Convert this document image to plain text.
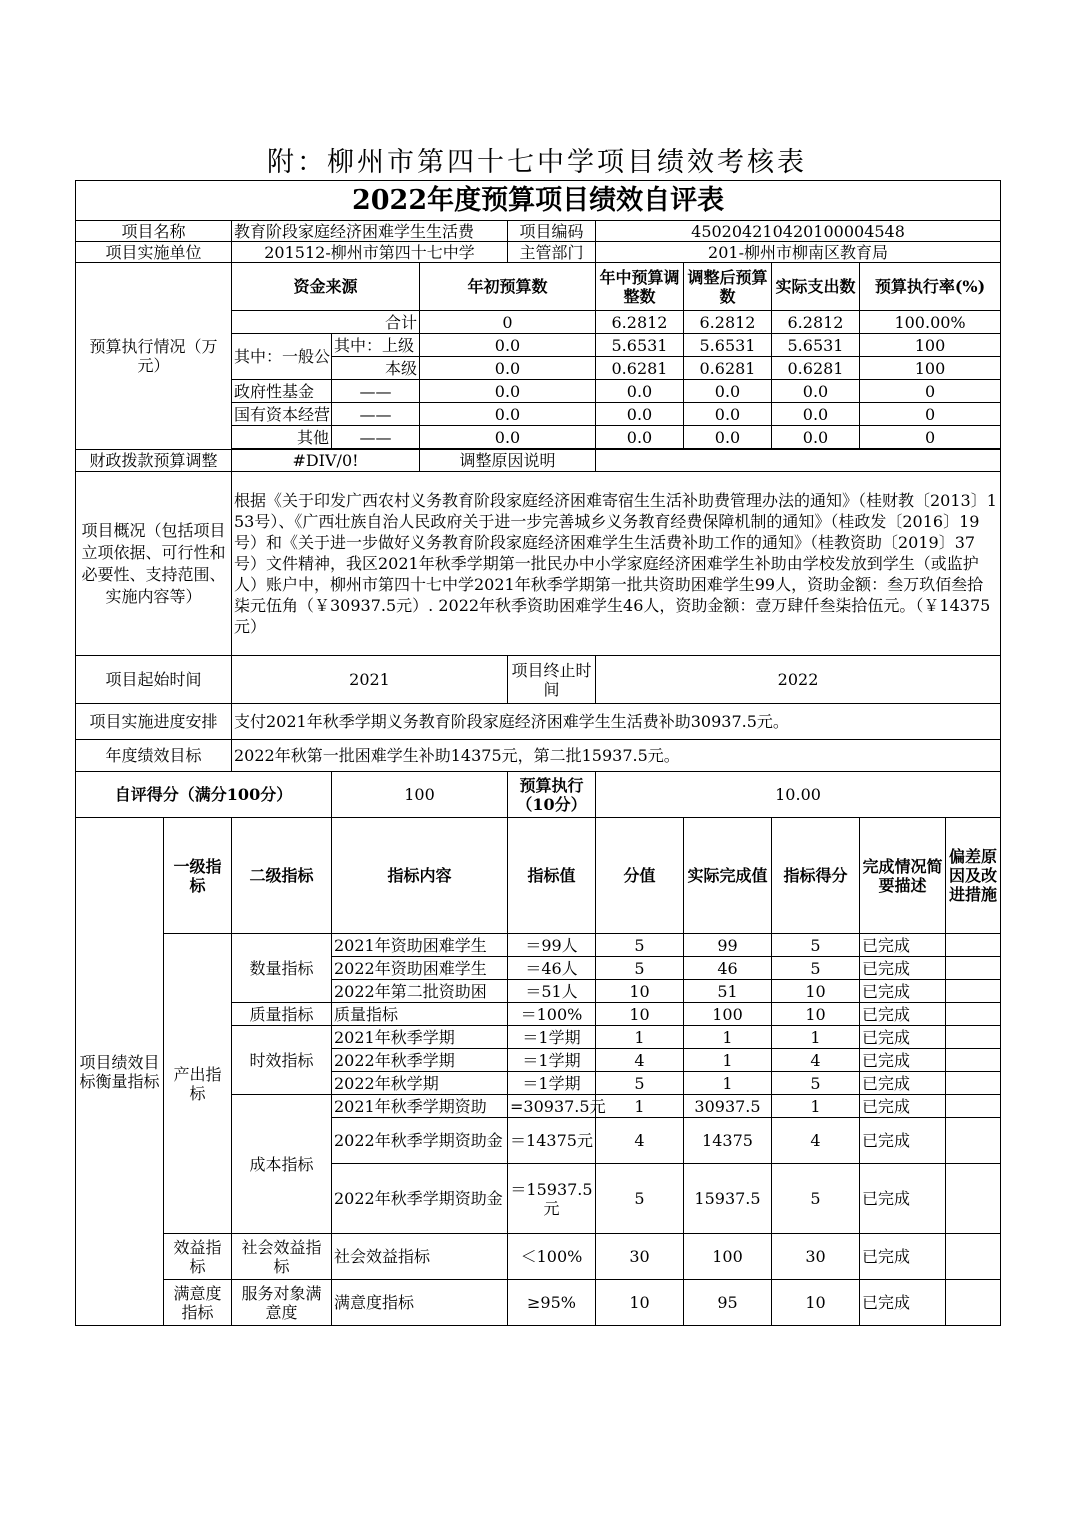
附：柳州市第四十七中学项目绩效考核表
2022年度预算项目绩效自评表										
项目名称		教育阶段家庭经济困难学生生活费			项目编码	450204210420100004548				
项目实施单位		201512-柳州市第四十七中学			主管部门	201-柳州市柳南区教育局				
预算执行情况（万元）		资金来源		年初预算数		年中预算调整数	调整后预算数	实际支出数	预算执行率(%)	
		合计		0		6.2812	6.2812	6.2812	100.00%	
		其中：一般公	其中：上级	0.0		5.6531	5.6531	5.6531	100	
			本级	0.0		0.6281	0.6281	0.6281	100	
		政府性基金	——	0.0		0.0	0.0	0.0	0	
		国有资本经营	——	0.0		0.0	0.0	0.0	0	
		其他	——	0.0		0.0	0.0	0.0	0	

财政拨款预算调整		#DIV/0!		调整原因说明						
项目概况（包括项目立项依据、可行性和必要性、支持范围、实施内容等）		根据《关于印发广西农村义务教育阶段家庭经济困难寄宿生生活补助费管理办法的通知》（桂财教〔2013〕153号）、《广西壮族自治人民政府关于进一步完善城乡义务教育经费保障机制的通知》（桂政发〔2016〕19号）和《关于进一步做好义务教育阶段家庭经济困难学生生活费补助工作的通知》（桂教资助〔2019〕37号）文件精神，我区2021年秋季学期第一批民办中小学家庭经济困难学生补助由学校发放到学生（或监护人）账户中，柳州市第四十七中学2021年秋季学期第一批共资助困难学生99人，资助金额：叁万玖佰叁拾柒元伍角（￥30937.5元）. 2022年秋季资助困难学生46人，资助金额：壹万肆仟叁柒拾伍元。（￥14375元）								
项目起始时间		2021			项目终止时间	2022				
项目实施进度安排		支付2021年秋季学期义务教育阶段家庭经济困难学生生活费补助30937.5元。								
年度绩效目标		2022年秋第一批困难学生补助14375元，第二批15937.5元。								
自评得分（满分100分）			100		预算执行（10分）	10.00				
项目绩效目标衡量指标	一级指标	二级指标	指标内容		指标值	分值	实际完成值	指标得分	完成情况简要描述	偏差原因及改进措施
	产出指标	数量指标	2021年资助困难学生		＝99人	5	99	5	已完成	
			2022年资助困难学生		＝46人	5	46	5	已完成	
			2022年第二批资助困		＝51人	10	51	10	已完成	
		质量指标	质量指标		＝100%	10	100	10	已完成	
		时效指标	2021年秋季学期		＝1学期	1	1	1	已完成	
			2022年秋季学期		＝1学期	4	1	4	已完成	
			2022年秋学期		＝1学期	5	1	5	已完成	
		成本指标	2021年秋季学期资助		=30937.5元	1	30937.5	1	已完成	
			2022年秋季学期资助金		＝14375元	4	14375	4	已完成	
			2022年秋季学期资助金		＝15937.5元	5	15937.5	5	已完成	
	效益指标	社会效益指标	社会效益指标		＜100%	30	100	30	已完成	
	满意度指标	服务对象满意度	满意度指标		≥95%	10	95	10	已完成	
